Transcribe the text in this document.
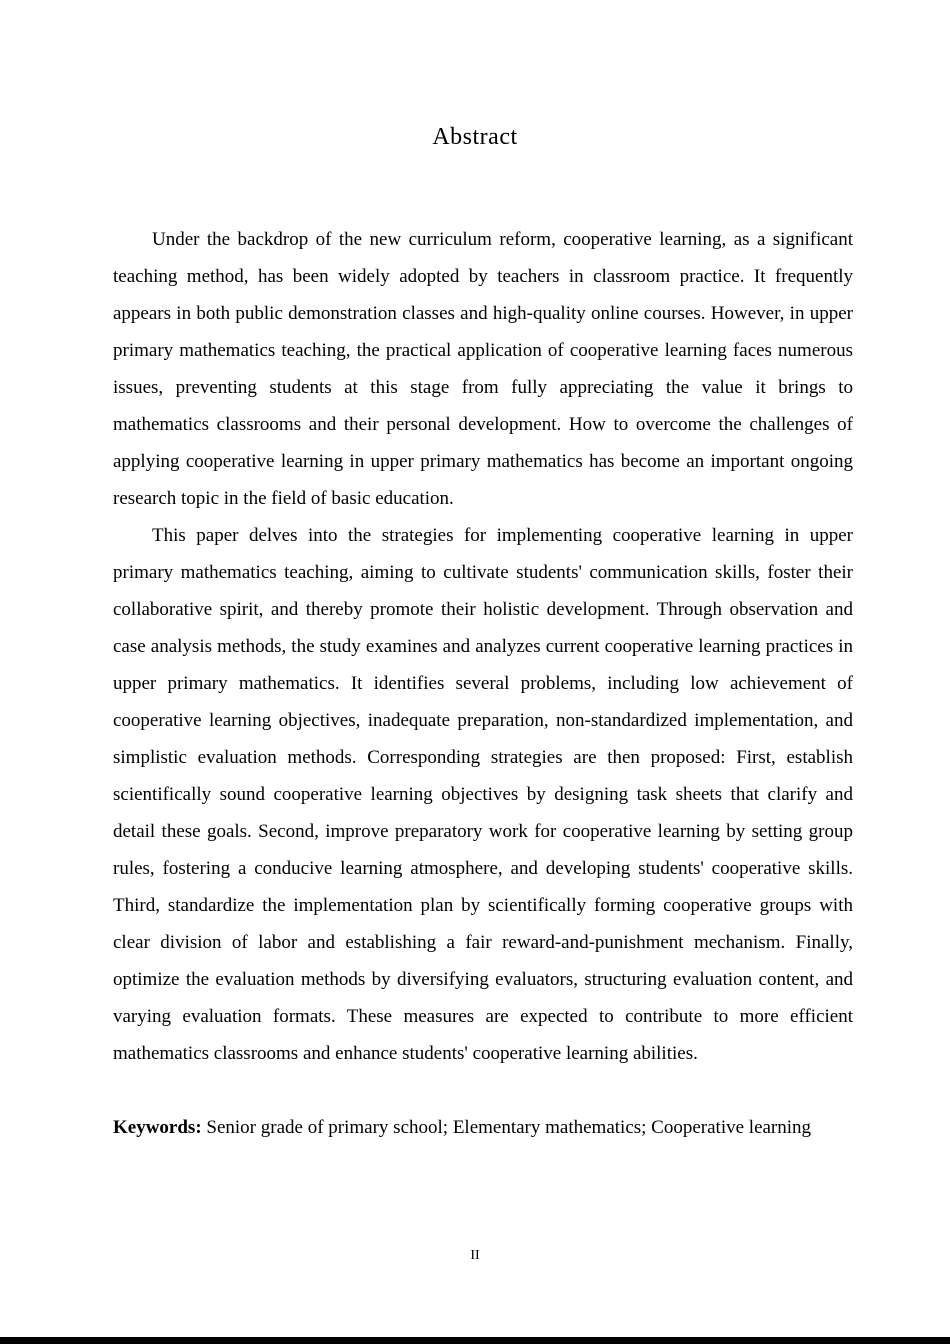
Abstract

Under the backdrop of the new curriculum reform, cooperative learning, as a significant teaching method, has been widely adopted by teachers in classroom practice. It frequently appears in both public demonstration classes and high-quality online courses. However, in upper primary mathematics teaching, the practical application of cooperative learning faces numerous issues, preventing students at this stage from fully appreciating the value it brings to mathematics classrooms and their personal development. How to overcome the challenges of applying cooperative learning in upper primary mathematics has become an important ongoing research topic in the field of basic education.

This paper delves into the strategies for implementing cooperative learning in upper primary mathematics teaching, aiming to cultivate students' communication skills, foster their collaborative spirit, and thereby promote their holistic development. Through observation and case analysis methods, the study examines and analyzes current cooperative learning practices in upper primary mathematics. It identifies several problems, including low achievement of cooperative learning objectives, inadequate preparation, non-standardized implementation, and simplistic evaluation methods. Corresponding strategies are then proposed: First, establish scientifically sound cooperative learning objectives by designing task sheets that clarify and detail these goals. Second, improve preparatory work for cooperative learning by setting group rules, fostering a conducive learning atmosphere, and developing students' cooperative skills. Third, standardize the implementation plan by scientifically forming cooperative groups with clear division of labor and establishing a fair reward-and-punishment mechanism. Finally, optimize the evaluation methods by diversifying evaluators, structuring evaluation content, and varying evaluation formats. These measures are expected to contribute to more efficient mathematics classrooms and enhance students' cooperative learning abilities.

Keywords: Senior grade of primary school; Elementary mathematics; Cooperative learning

II
